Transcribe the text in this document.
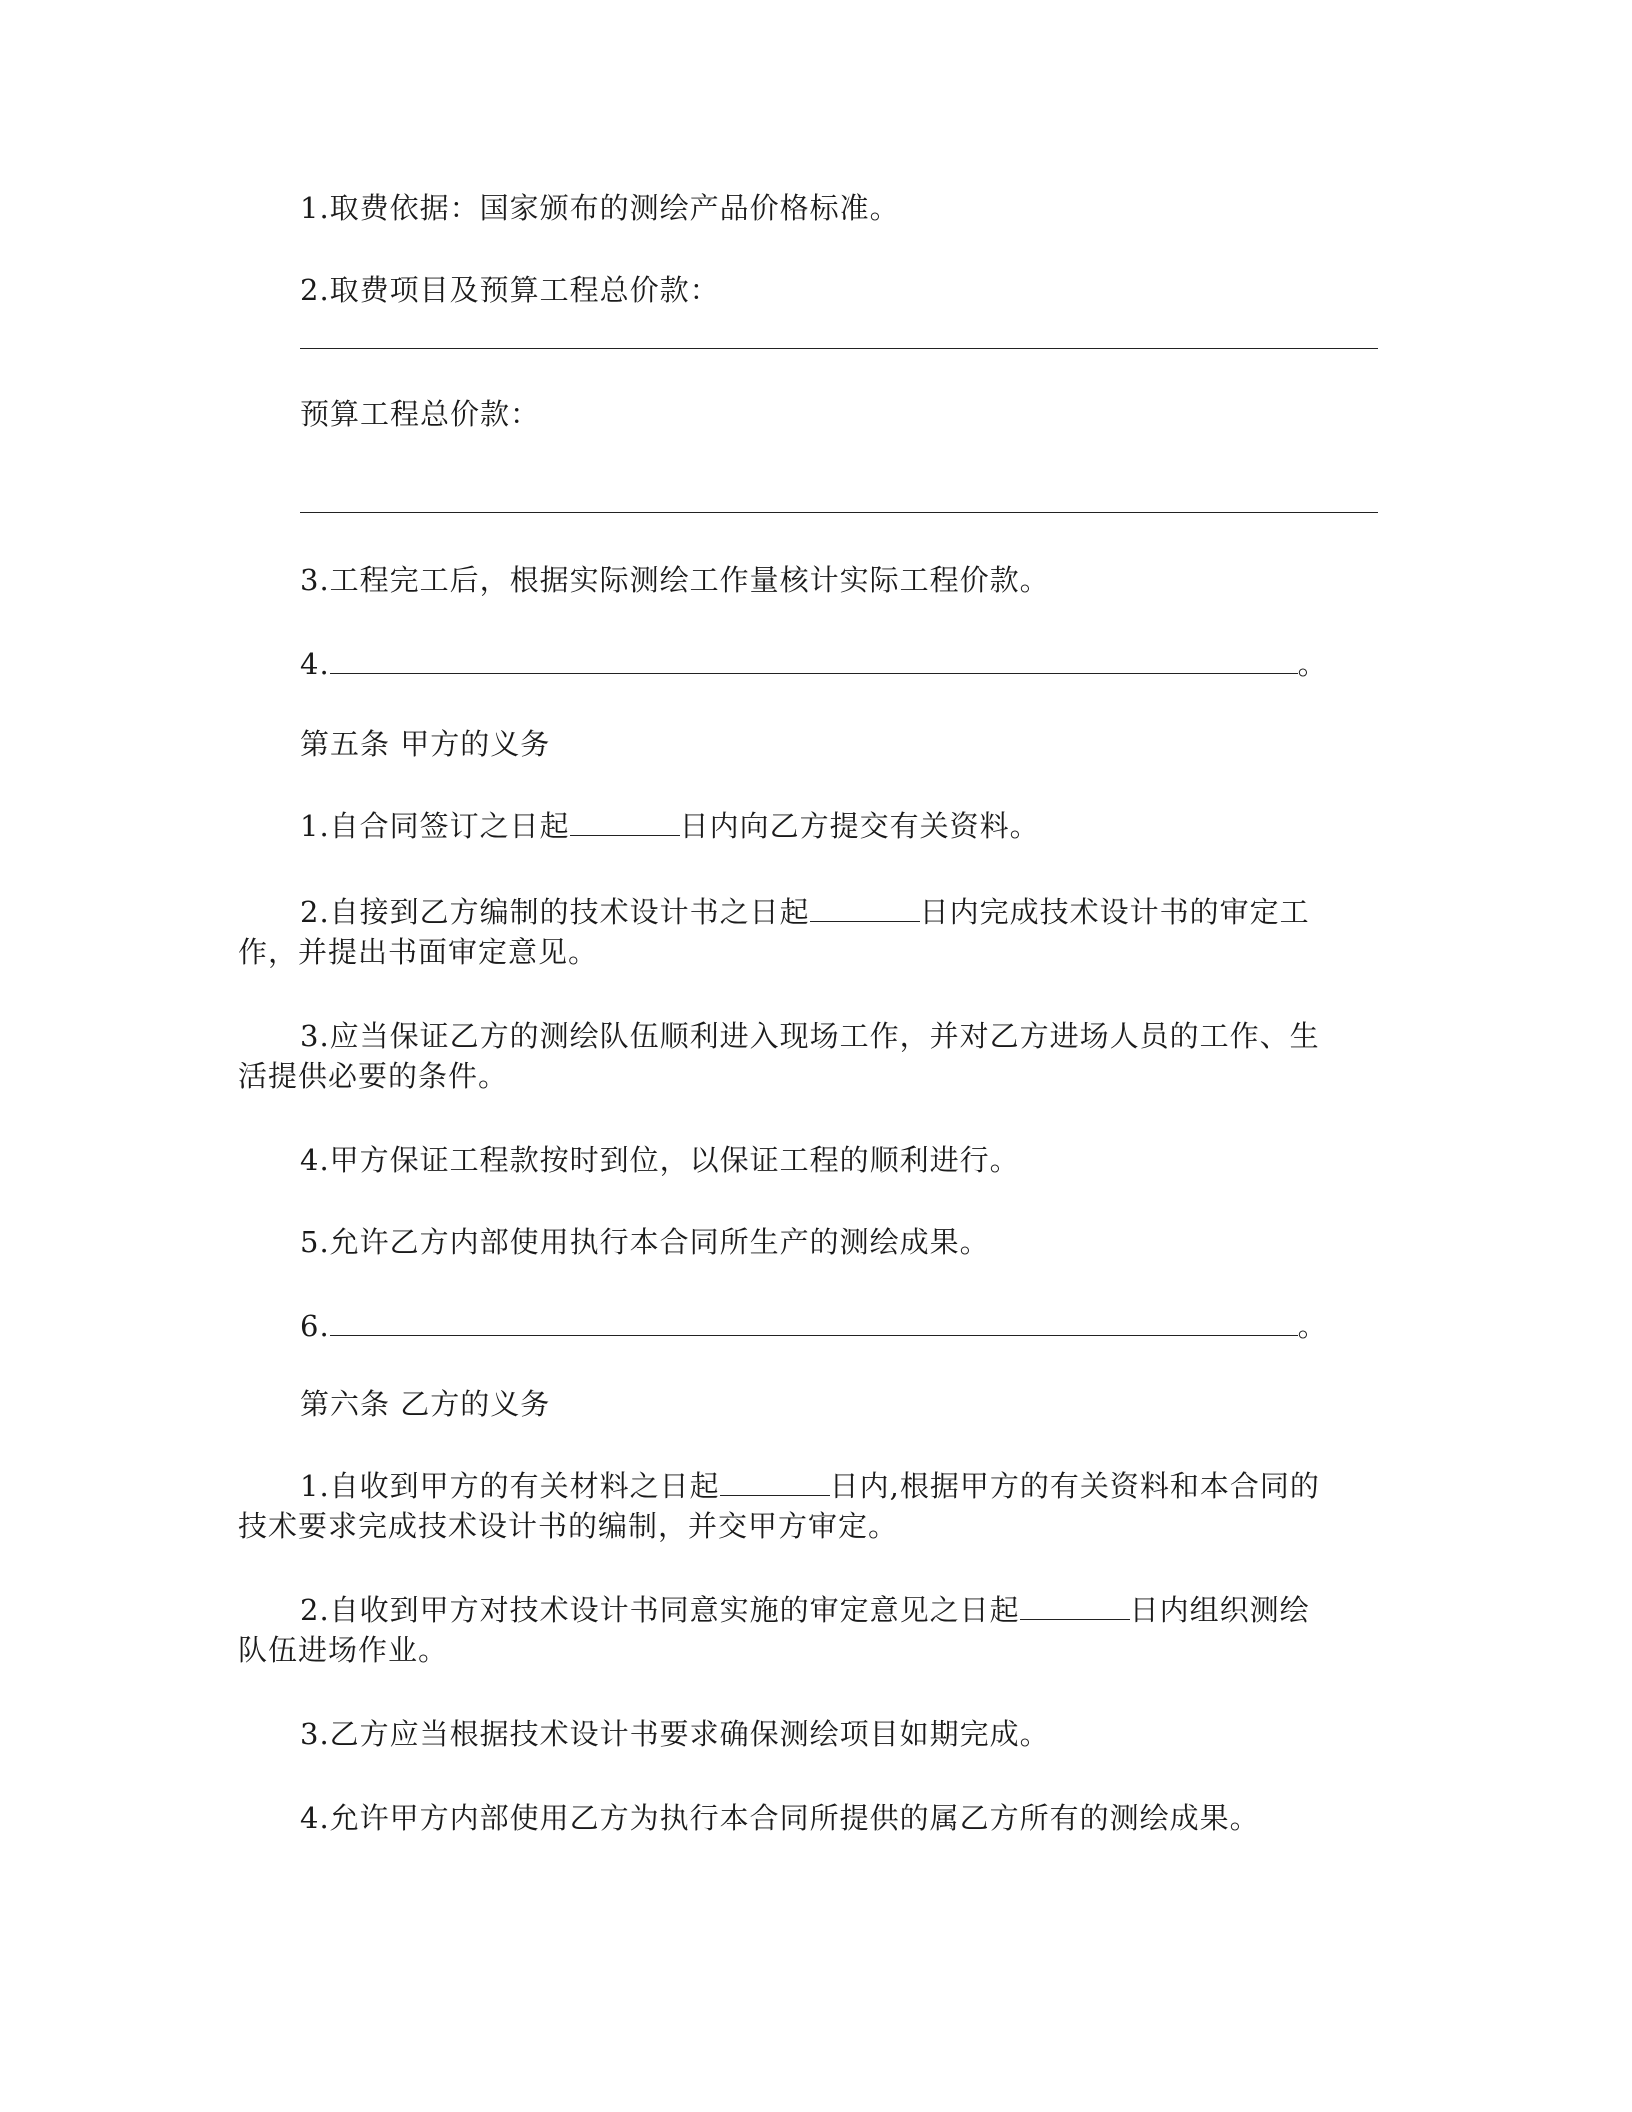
1.取费依据：国家颁布的测绘产品价格标准。
2.取费项目及预算工程总价款：
预算工程总价款：
3.工程完工后，根据实际测绘工作量核计实际工程价款。
4.	。
第五条 甲方的义务
1.自合同签订之日起	日内向乙方提交有关资料。
2.自接到乙方编制的技术设计书之日起	日内完成技术设计书的审定工
作，并提出书面审定意见。
3.应当保证乙方的测绘队伍顺利进入现场工作，并对乙方进场人员的工作、生
活提供必要的条件。
4.甲方保证工程款按时到位，以保证工程的顺利进行。
5.允许乙方内部使用执行本合同所生产的测绘成果。
6.	。
第六条 乙方的义务
1.自收到甲方的有关材料之日起	日内,根据甲方的有关资料和本合同的
技术要求完成技术设计书的编制，并交甲方审定。
2.自收到甲方对技术设计书同意实施的审定意见之日起	日内组织测绘
队伍进场作业。
3.乙方应当根据技术设计书要求确保测绘项目如期完成。
4.允许甲方内部使用乙方为执行本合同所提供的属乙方所有的测绘成果。
